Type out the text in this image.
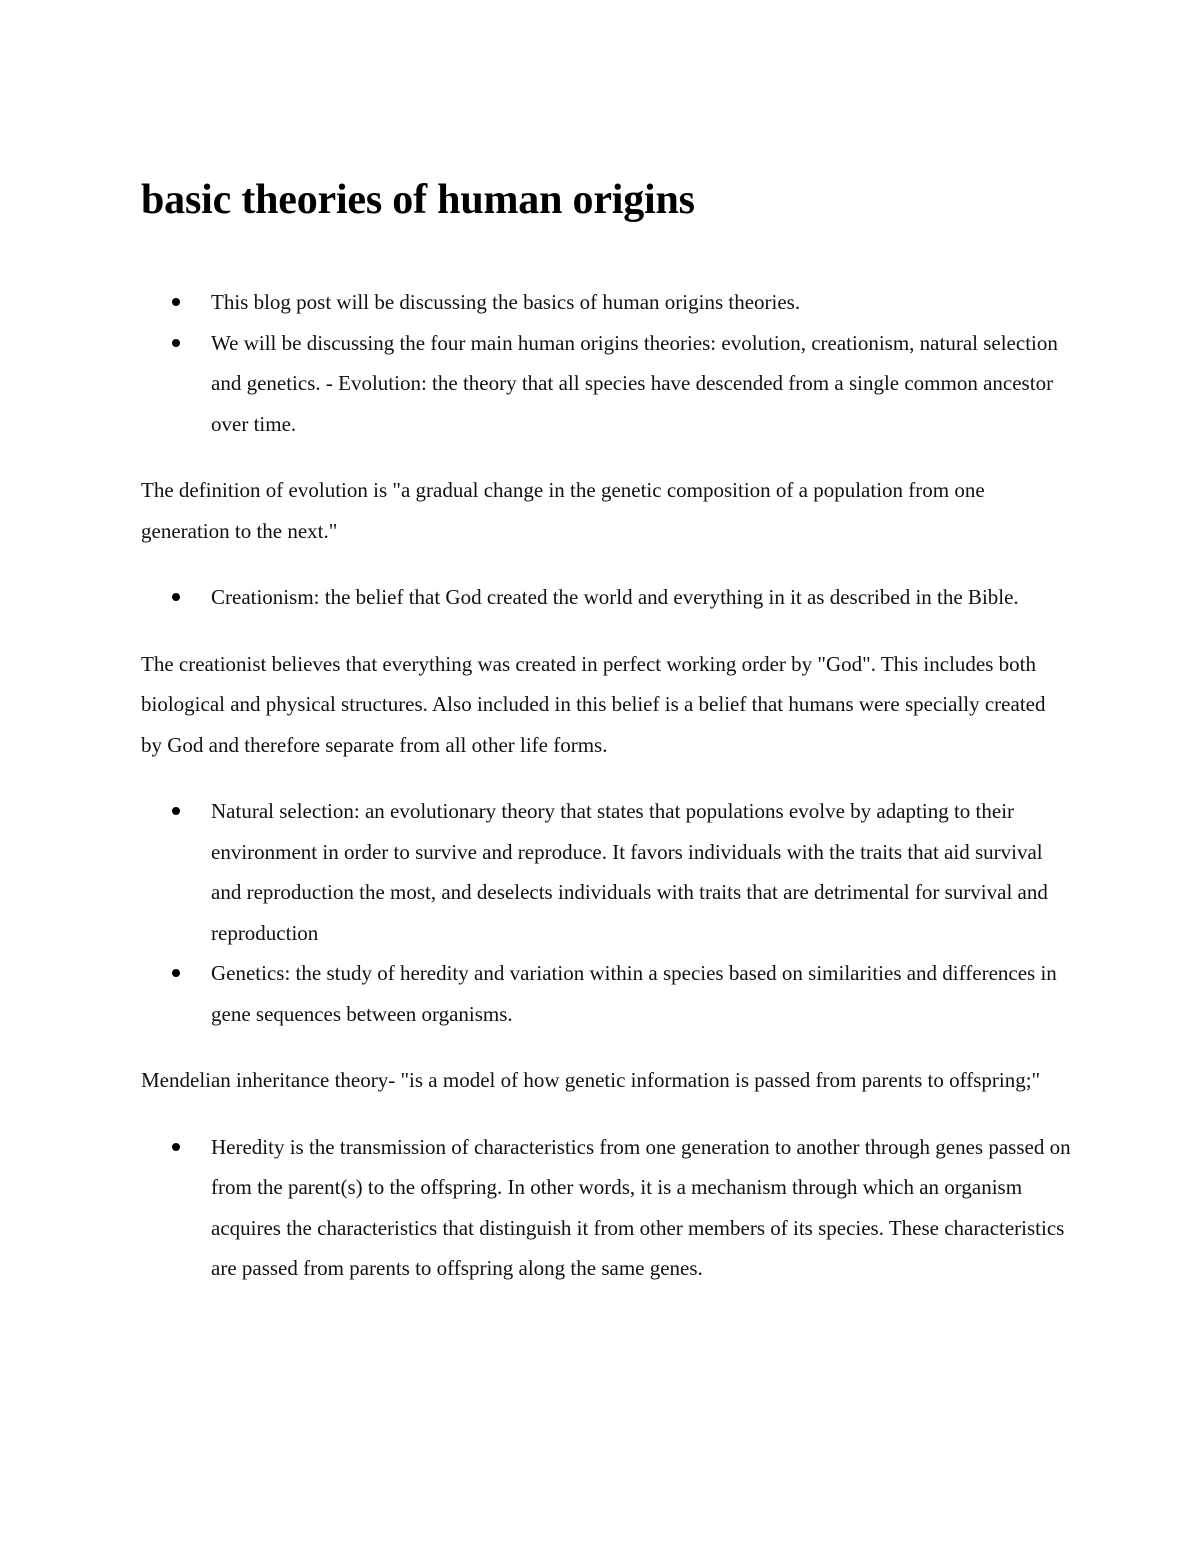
basic theories of human origins
This blog post will be discussing the basics of human origins theories.
We will be discussing the four main human origins theories: evolution, creationism, natural selection and genetics. - Evolution: the theory that all species have descended from a single common ancestor over time.

The definition of evolution is "a gradual change in the genetic composition of a population from one generation to the next."

Creationism: the belief that God created the world and everything in it as described in the Bible.

The creationist believes that everything was created in perfect working order by "God". This includes both biological and physical structures. Also included in this belief is a belief that humans were specially created by God and therefore separate from all other life forms.

Natural selection: an evolutionary theory that states that populations evolve by adapting to their environment in order to survive and reproduce. It favors individuals with the traits that aid survival and reproduction the most, and deselects individuals with traits that are detrimental for survival and reproduction
Genetics: the study of heredity and variation within a species based on similarities and differences in gene sequences between organisms.

Mendelian inheritance theory- "is a model of how genetic information is passed from parents to offspring;"

Heredity is the transmission of characteristics from one generation to another through genes passed on from the parent(s) to the offspring. In other words, it is a mechanism through which an organism acquires the characteristics that distinguish it from other members of its species. These characteristics are passed from parents to offspring along the same genes.
